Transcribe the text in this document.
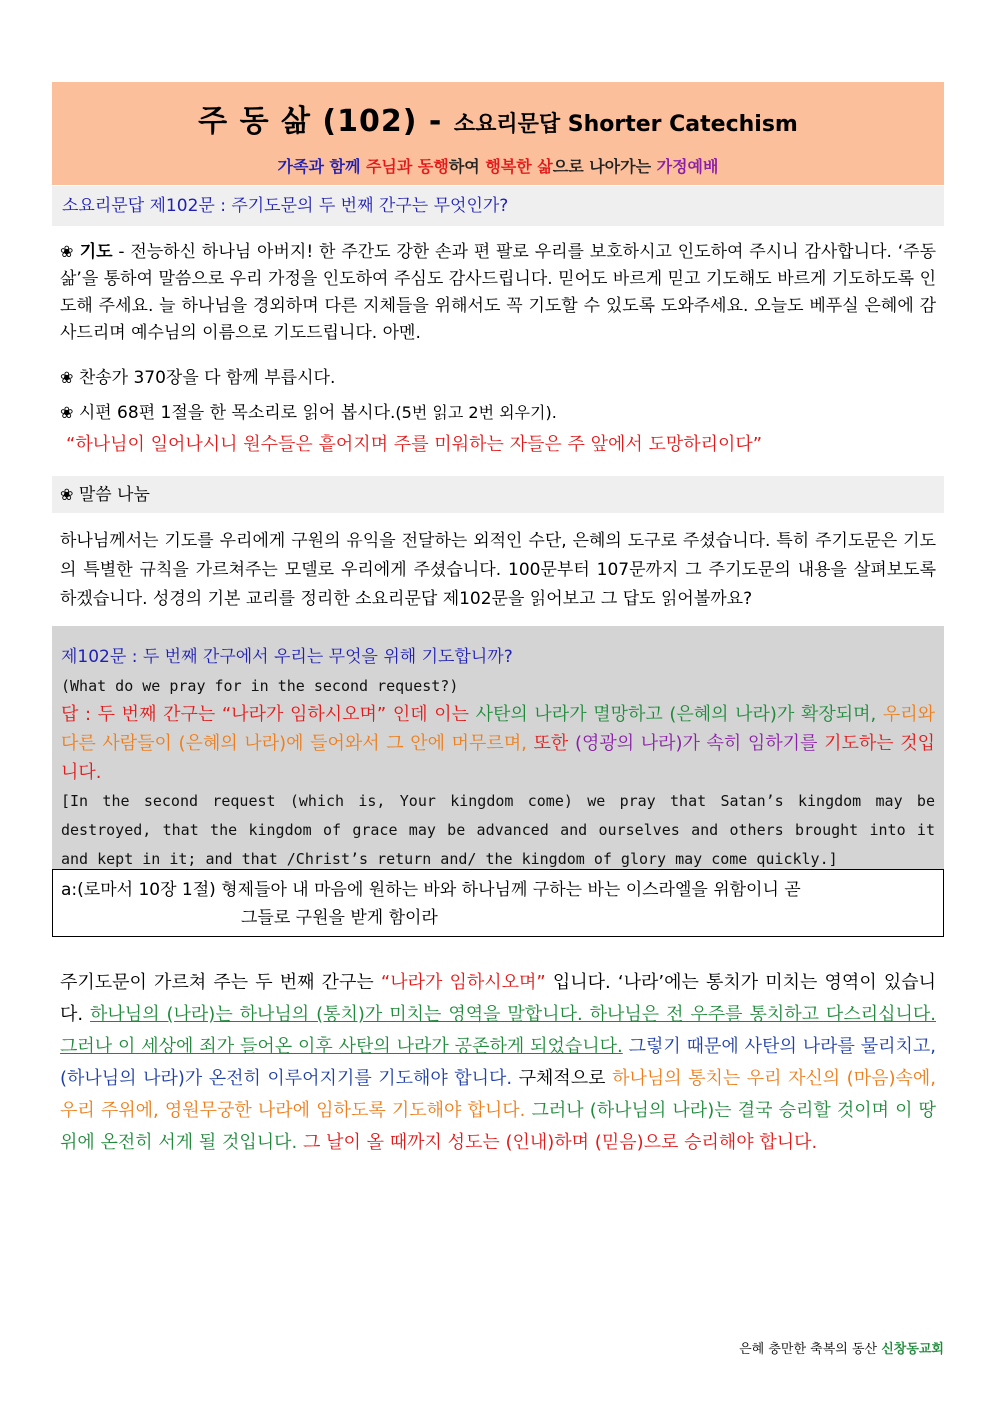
주 동 삶 (102) - 소요리문답 Shorter Catechism
가족과 함께 주님과 동행하여 행복한 삶으로 나아가는 가정예배
소요리문답 제102문 : 주기도문의 두 번째 간구는 무엇인가?
❀ 기도 - 전능하신 하나님 아버지! 한 주간도 강한 손과 편 팔로 우리를 보호하시고 인도하여 주시니 감사합니다. ‘주동삶’을 통하여 말씀으로 우리 가정을 인도하여 주심도 감사드립니다. 믿어도 바르게 믿고 기도해도 바르게 기도하도록 인도해 주세요. 늘 하나님을 경외하며 다른 지체들을 위해서도 꼭 기도할 수 있도록 도와주세요. 오늘도 베푸실 은혜에 감사드리며 예수님의 이름으로 기도드립니다. 아멘.
❀ 찬송가 370장을 다 함께 부릅시다.
❀ 시편 68편 1절을 한 목소리로 읽어 봅시다.(5번 읽고 2번 외우기).
“하나님이 일어나시니 원수들은 흩어지며 주를 미워하는 자들은 주 앞에서 도망하리이다”
❀ 말씀 나눔
하나님께서는 기도를 우리에게 구원의 유익을 전달하는 외적인 수단, 은혜의 도구로 주셨습니다. 특히 주기도문은 기도의 특별한 규칙을 가르쳐주는 모델로 우리에게 주셨습니다. 100문부터 107문까지 그 주기도문의 내용을 살펴보도록 하겠습니다. 성경의 기본 교리를 정리한 소요리문답 제102문을 읽어보고 그 답도 읽어볼까요?
제102문 : 두 번째 간구에서 우리는 무엇을 위해 기도합니까?
(What do we pray for in the second request?)
답 : 두 번째 간구는 “나라가 임하시오며” 인데 이는 사탄의 나라가 멸망하고 (은혜의 나라)가 확장되며, 우리와 다른 사람들이 (은혜의 나라)에 들어와서 그 안에 머무르며, 또한 (영광의 나라)가 속히 임하기를 기도하는 것입니다.
[In the second request (which is, Your kingdom come) we pray that Satan’s kingdom may be destroyed, that the kingdom of grace may be advanced and ourselves and others brought into it and kept in it; and that /Christ’s return and/ the kingdom of glory may come quickly.]
a:(로마서 10장 1절) 형제들아 내 마음에 원하는 바와 하나님께 구하는 바는 이스라엘을 위함이니 곧
그들로 구원을 받게 함이라
주기도문이 가르쳐 주는 두 번째 간구는 “나라가 임하시오며” 입니다. ‘나라’에는 통치가 미치는 영역이 있습니다. 하나님의 (나라)는 하나님의 (통치)가 미치는 영역을 말합니다. 하나님은 전 우주를 통치하고 다스리십니다. 그러나 이 세상에 죄가 들어온 이후 사탄의 나라가 공존하게 되었습니다. 그렇기 때문에 사탄의 나라를 물리치고, (하나님의 나라)가 온전히 이루어지기를 기도해야 합니다. 구체적으로 하나님의 통치는 우리 자신의 (마음)속에, 우리 주위에, 영원무궁한 나라에 임하도록 기도해야 합니다. 그러나 (하나님의 나라)는 결국 승리할 것이며 이 땅 위에 온전히 서게 될 것입니다. 그 날이 올 때까지 성도는 (인내)하며 (믿음)으로 승리해야 합니다.
은혜 충만한 축복의 동산 신창동교회
